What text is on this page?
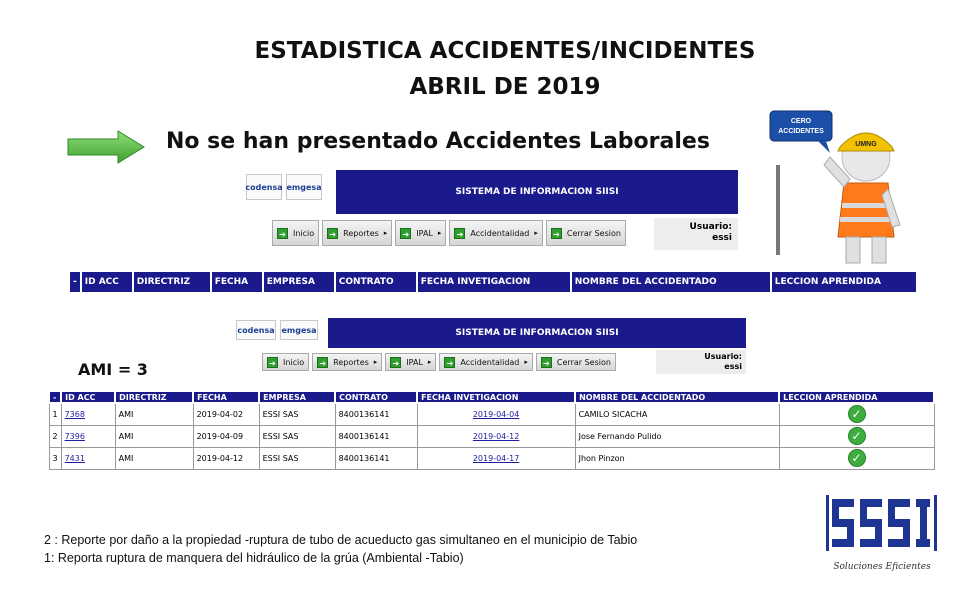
ESTADISTICA ACCIDENTES/INCIDENTES
ABRIL DE 2019
No se han presentado Accidentes Laborales
CERO
ACCIDENTES
UMNG
codensa emgesa	SISTEMA DE INFORMACION SIISI
➔ Inicio ➔ Reportes ▸ ➔ IPAL ▸ ➔ Accidentalidad ▸ ➔ Cerrar Sesion
Usuario:
essi
-	ID ACC	DIRECTRIZ	FECHA	EMPRESA	CONTRATO	FECHA INVETIGACION	NOMBRE DEL ACCIDENTADO	LECCION APRENDIDA
codensa emgesa	SISTEMA DE INFORMACION SIISI
➔ Inicio ➔ Reportes ▸ ➔ IPAL ▸ ➔ Accidentalidad ▸ ➔ Cerrar Sesion
Usuario:
essi
AMI = 3
-	ID ACC	DIRECTRIZ	FECHA	EMPRESA	CONTRATO	FECHA INVETIGACION	NOMBRE DEL ACCIDENTADO	LECCION APRENDIDA
1	7368	AMI	2019-04-02	ESSI SAS	8400136141	2019-04-04	CAMILO SICACHA	✓
2	7396	AMI	2019-04-09	ESSI SAS	8400136141	2019-04-12	Jose Fernando Pulido	✓
3	7431	AMI	2019-04-12	ESSI SAS	8400136141	2019-04-17	Jhon Pinzon	✓
2 : Reporte por daño a la propiedad -ruptura de tubo de acueducto gas simultaneo en el municipio de Tabio
1: Reporta ruptura de manquera del hidráulico de la grúa (Ambiental -Tabio)
Soluciones Eficientes
